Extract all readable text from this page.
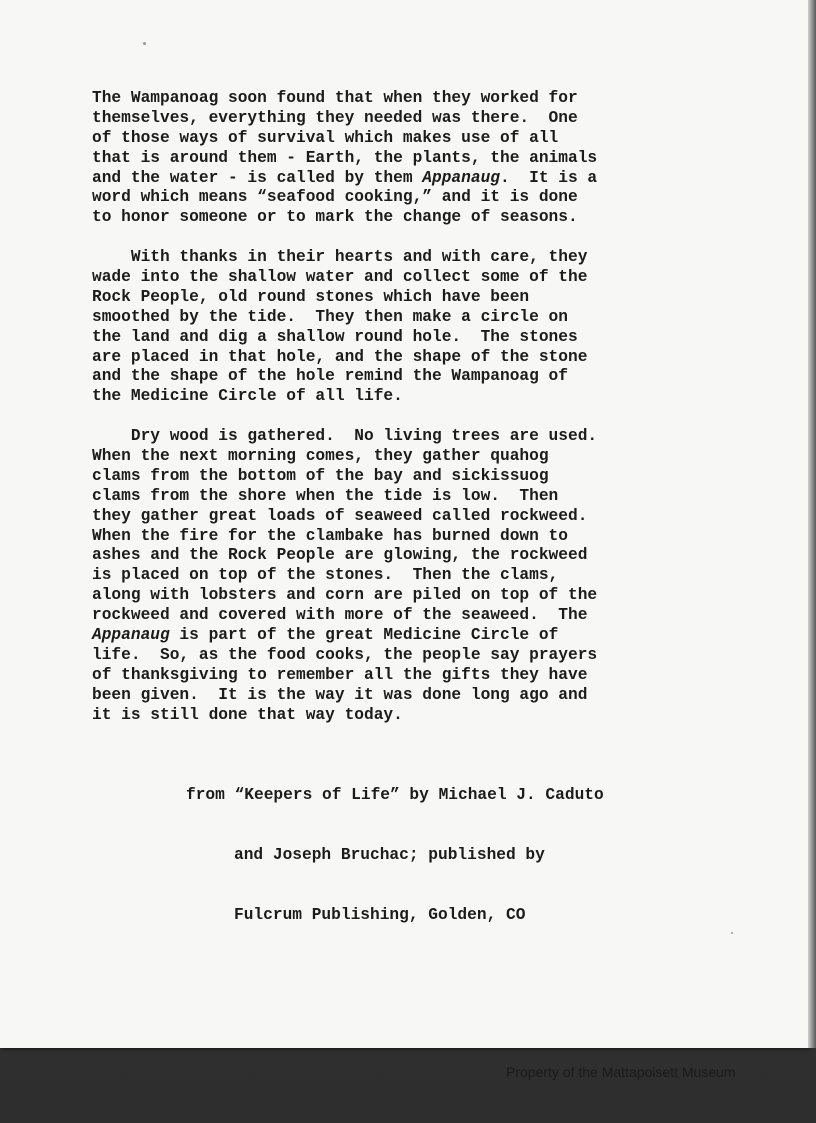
The Wampanoag soon found that when they worked for
themselves, everything they needed was there.  One
of those ways of survival which makes use of all
that is around them - Earth, the plants, the animals
and the water - is called by them Appanaug.  It is a
word which means “seafood cooking,” and it is done
to honor someone or to mark the change of seasons.
With thanks in their hearts and with care, they
wade into the shallow water and collect some of the
Rock People, old round stones which have been
smoothed by the tide.  They then make a circle on
the land and dig a shallow round hole.  The stones
are placed in that hole, and the shape of the stone
and the shape of the hole remind the Wampanoag of
the Medicine Circle of all life.
Dry wood is gathered.  No living trees are used.
When the next morning comes, they gather quahog
clams from the bottom of the bay and sickissuog
clams from the shore when the tide is low.  Then
they gather great loads of seaweed called rockweed.
When the fire for the clambake has burned down to
ashes and the Rock People are glowing, the rockweed
is placed on top of the stones.  Then the clams,
along with lobsters and corn are piled on top of the
rockweed and covered with more of the seaweed.  The
Appanaug is part of the great Medicine Circle of
life.  So, as the food cooks, the people say prayers
of thanksgiving to remember all the gifts they have
been given.  It is the way it was done long ago and
it is still done that way today.

from “Keepers of Life” by Michael J. Caduto

and Joseph Bruchac; published by

Fulcrum Publishing, Golden, CO

Property of the Mattapoisett Museum
